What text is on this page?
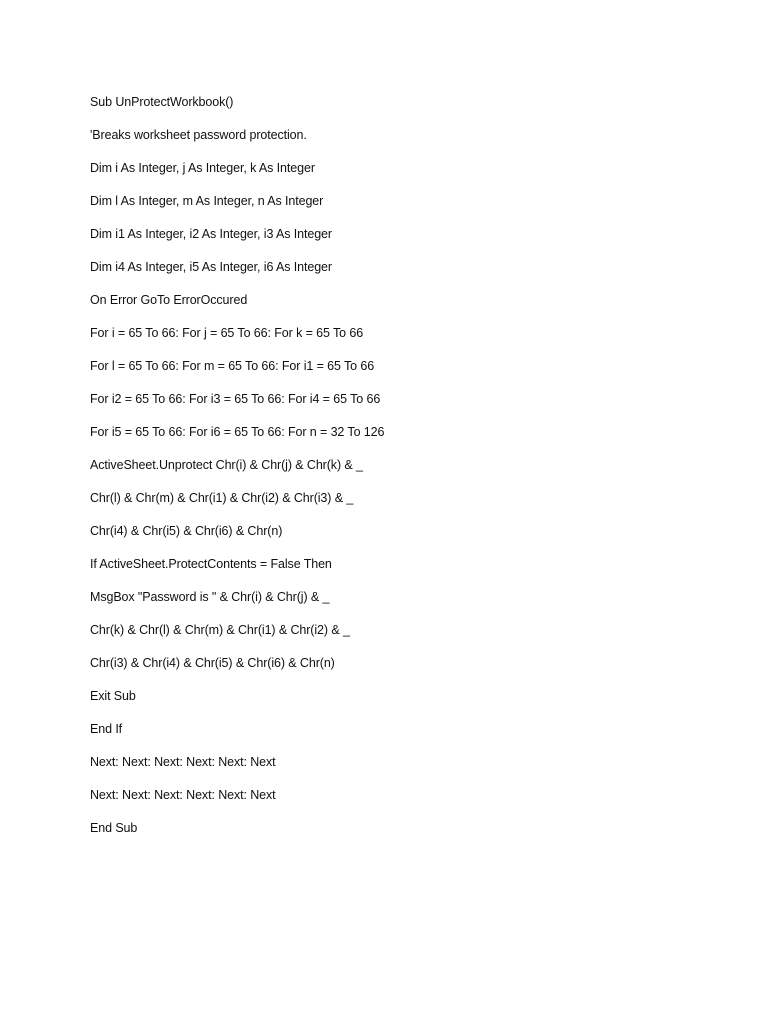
Sub UnProtectWorkbook()
'Breaks worksheet password protection.
Dim i As Integer, j As Integer, k As Integer
Dim l As Integer, m As Integer, n As Integer
Dim i1 As Integer, i2 As Integer, i3 As Integer
Dim i4 As Integer, i5 As Integer, i6 As Integer
On Error GoTo ErrorOccured
For i = 65 To 66: For j = 65 To 66: For k = 65 To 66
For l = 65 To 66: For m = 65 To 66: For i1 = 65 To 66
For i2 = 65 To 66: For i3 = 65 To 66: For i4 = 65 To 66
For i5 = 65 To 66: For i6 = 65 To 66: For n = 32 To 126
ActiveSheet.Unprotect Chr(i) & Chr(j) & Chr(k) & _
Chr(l) & Chr(m) & Chr(i1) & Chr(i2) & Chr(i3) & _
Chr(i4) & Chr(i5) & Chr(i6) & Chr(n)
If ActiveSheet.ProtectContents = False Then
MsgBox "Password is " & Chr(i) & Chr(j) & _
Chr(k) & Chr(l) & Chr(m) & Chr(i1) & Chr(i2) & _
Chr(i3) & Chr(i4) & Chr(i5) & Chr(i6) & Chr(n)
Exit Sub
End If
Next: Next: Next: Next: Next: Next
Next: Next: Next: Next: Next: Next
End Sub
